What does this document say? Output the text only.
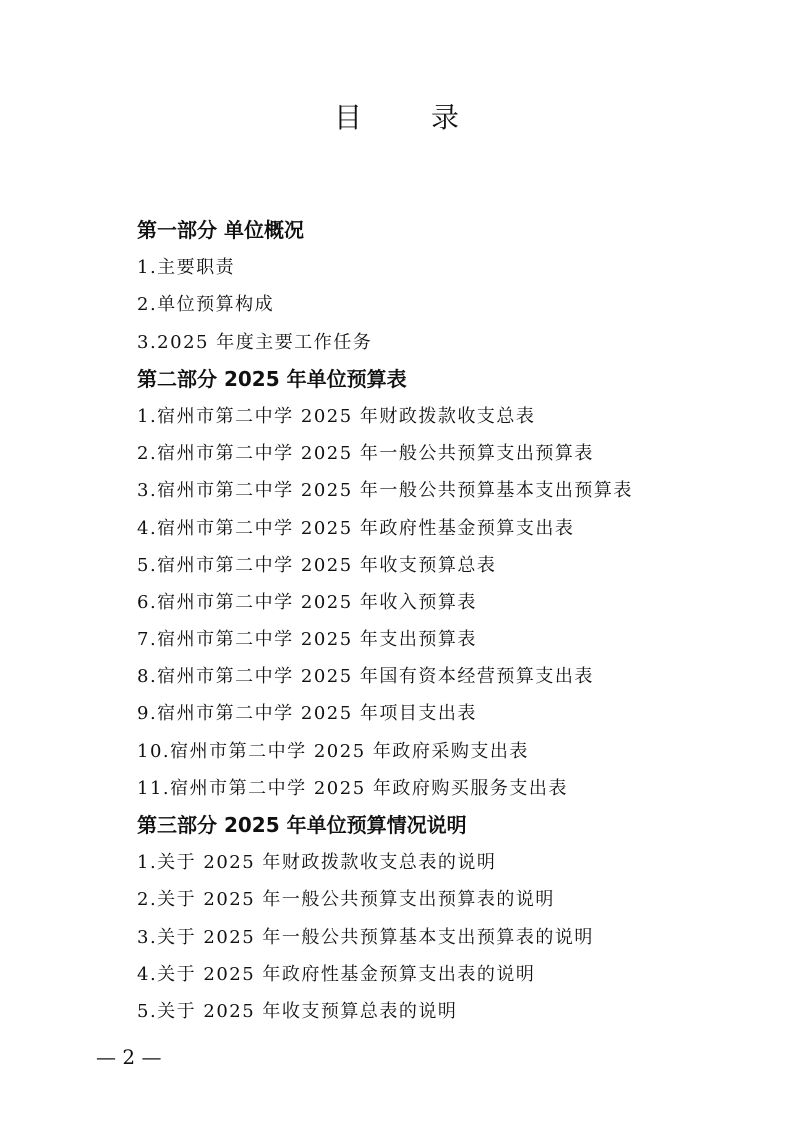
目 录
第一部分 单位概况
1.主要职责
2.单位预算构成
3.2025 年度主要工作任务
第二部分 2025 年单位预算表
1.宿州市第二中学 2025 年财政拨款收支总表
2.宿州市第二中学 2025 年一般公共预算支出预算表
3.宿州市第二中学 2025 年一般公共预算基本支出预算表
4.宿州市第二中学 2025 年政府性基金预算支出表
5.宿州市第二中学 2025 年收支预算总表
6.宿州市第二中学 2025 年收入预算表
7.宿州市第二中学 2025 年支出预算表
8.宿州市第二中学 2025 年国有资本经营预算支出表
9.宿州市第二中学 2025 年项目支出表
10.宿州市第二中学 2025 年政府采购支出表
11.宿州市第二中学 2025 年政府购买服务支出表
第三部分 2025 年单位预算情况说明
1.关于 2025 年财政拨款收支总表的说明
2.关于 2025 年一般公共预算支出预算表的说明
3.关于 2025 年一般公共预算基本支出预算表的说明
4.关于 2025 年政府性基金预算支出表的说明
5.关于 2025 年收支预算总表的说明
— 2 —
